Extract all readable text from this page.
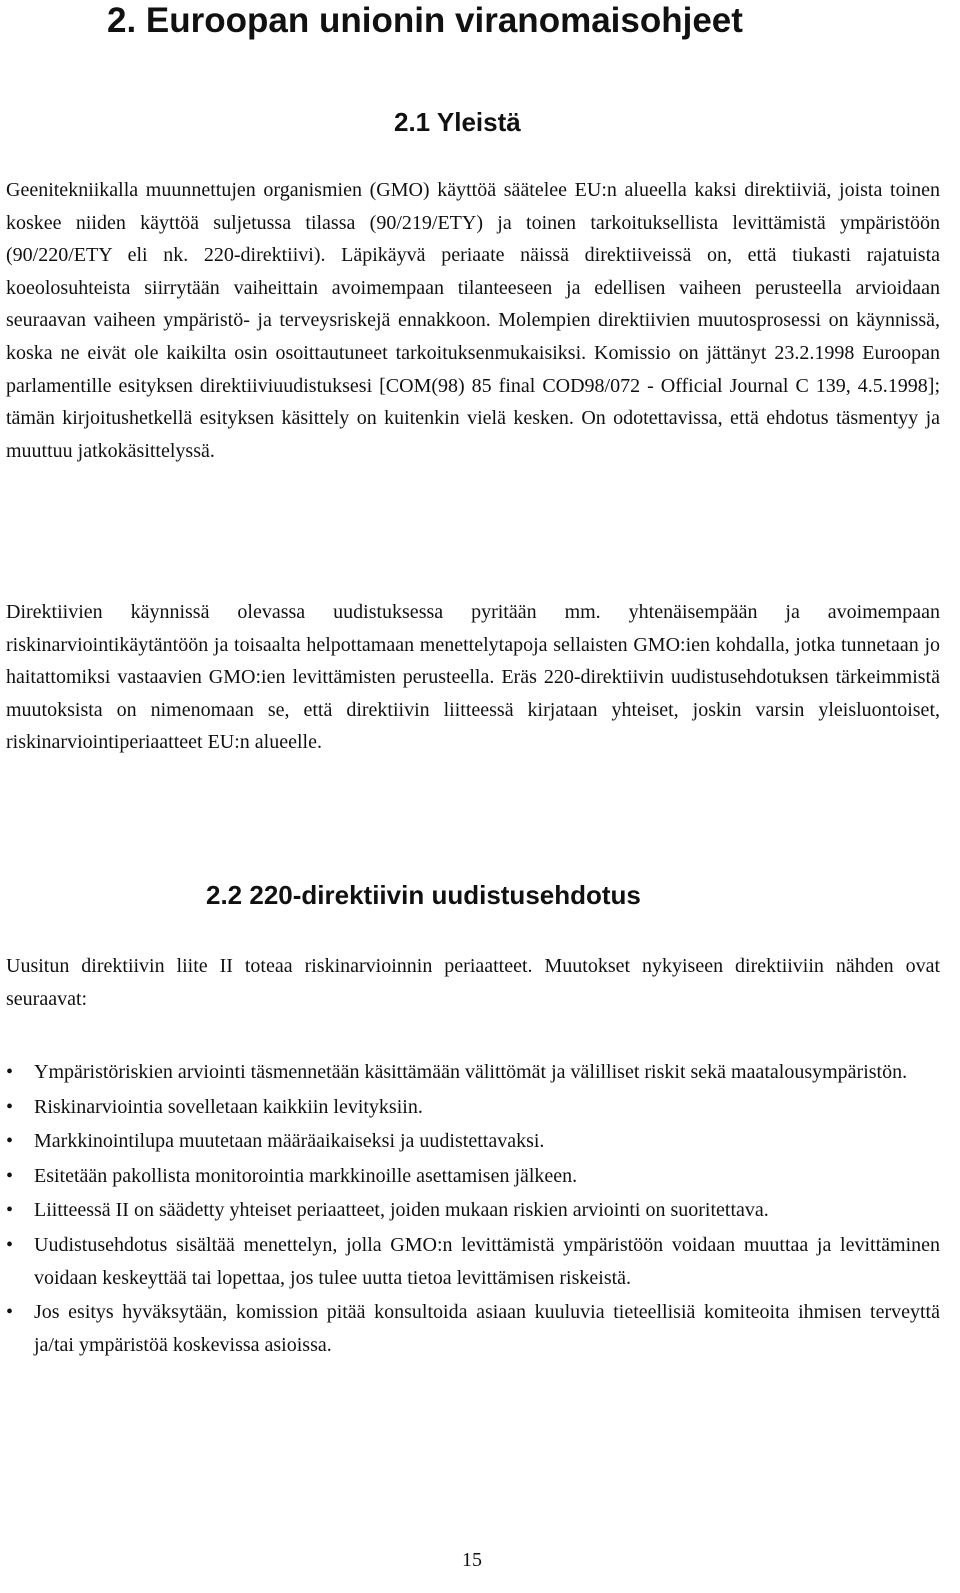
2. Euroopan unionin viranomaisohjeet
2.1 Yleistä

Geenitekniikalla muunnettujen organismien (GMO) käyttöä säätelee EU:n alueella kaksi direktiiviä, joista toinen koskee niiden käyttöä suljetussa tilassa (90/219/ETY) ja toinen tarkoituksellista levittämistä ympäristöön (90/220/ETY eli nk. 220-direktiivi). Läpikäyvä periaate näissä direktiiveissä on, että tiukasti rajatuista koeolosuhteista siirrytään vaiheittain avoimempaan tilanteeseen ja edellisen vaiheen perusteella arvioidaan seuraavan vaiheen ympäristö- ja terveysriskejä ennakkoon. Molempien direktiivien muutosprosessi on käynnissä, koska ne eivät ole kaikilta osin osoittautuneet tarkoituksenmukaisiksi. Komissio on jättänyt 23.2.1998 Euroopan parlamentille esityksen direktiiviuudistuksesi [COM(98) 85 final COD98/072 - Official Journal C 139, 4.5.1998]; tämän kirjoitushetkellä esityksen käsittely on kuitenkin vielä kesken. On odotettavissa, että ehdotus täsmentyy ja muuttuu jatkokäsittelyssä.

Direktiivien käynnissä olevassa uudistuksessa pyritään mm. yhtenäisempään ja avoimempaan riskinarviointikäytäntöön ja toisaalta helpottamaan menettelytapoja sellaisten GMO:ien kohdalla, jotka tunnetaan jo haitattomiksi vastaavien GMO:ien levittämisten perusteella. Eräs 220-direktiivin uudistusehdotuksen tärkeimmistä muutoksista on nimenomaan se, että direktiivin liitteessä kirjataan yhteiset, joskin varsin yleisluontoiset, riskinarviointiperiaatteet EU:n alueelle.

2.2 220-direktiivin uudistusehdotus

Uusitun direktiivin liite II toteaa riskinarvioinnin periaatteet. Muutokset nykyiseen direktiiviin nähden ovat seuraavat:

• Ympäristöriskien arviointi täsmennetään käsittämään välittömät ja välilliset riskit sekä maatalousympäristön.
• Riskinarviointia sovelletaan kaikkiin levityksiin.
• Markkinointilupa muutetaan määräaikaiseksi ja uudistettavaksi.
• Esitetään pakollista monitorointia markkinoille asettamisen jälkeen.
• Liitteessä II on säädetty yhteiset periaatteet, joiden mukaan riskien arviointi on suoritettava.
• Uudistusehdotus sisältää menettelyn, jolla GMO:n levittämistä ympäristöön voidaan muuttaa ja levittäminen voidaan keskeyttää tai lopettaa, jos tulee uutta tietoa levittämisen riskeistä.
• Jos esitys hyväksytään, komission pitää konsultoida asiaan kuuluvia tieteellisiä komiteoita ihmisen terveyttä ja/tai ympäristöä koskevissa asioissa.
15
